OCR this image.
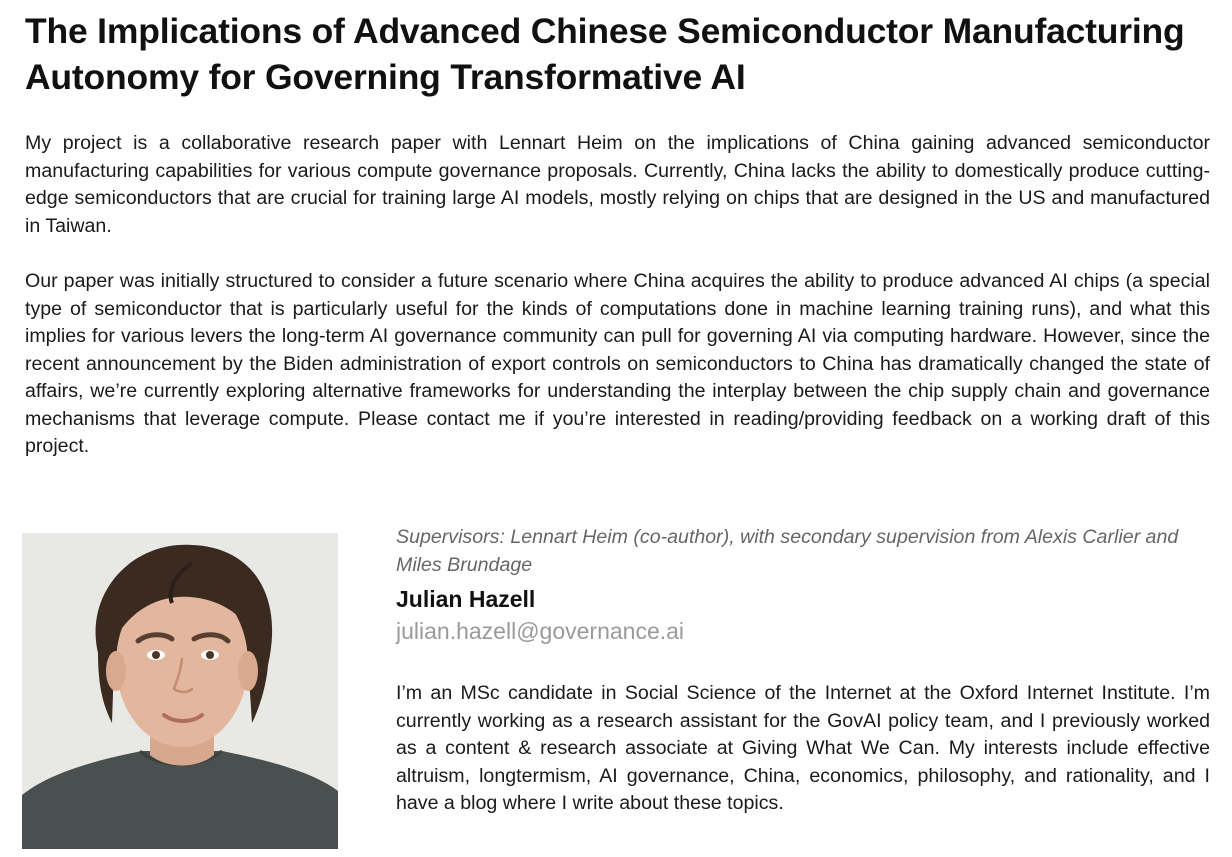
The Implications of Advanced Chinese Semiconductor Manufacturing Autonomy for Governing Transformative AI

My project is a collaborative research paper with Lennart Heim on the implications of China gaining advanced semiconductor manufacturing capabilities for various compute governance proposals. Currently, China lacks the ability to domestically produce cutting-edge semiconductors that are crucial for training large AI models, mostly relying on chips that are designed in the US and manufactured in Taiwan.

Our paper was initially structured to consider a future scenario where China acquires the ability to produce advanced AI chips (a special type of semiconductor that is particularly useful for the kinds of computations done in machine learning training runs), and what this implies for various levers the long-term AI governance community can pull for governing AI via computing hardware. However, since the recent announcement by the Biden administration of export controls on semiconductors to China has dramatically changed the state of affairs, we’re currently exploring alternative frameworks for understanding the interplay between the chip supply chain and governance mechanisms that leverage compute. Please contact me if you’re interested in reading/providing feedback on a working draft of this project.

Supervisors: Lennart Heim (co-author), with secondary supervision from Alexis Carlier and Miles Brundage

Julian Hazell

julian.hazell@governance.ai

I’m an MSc candidate in Social Science of the Internet at the Oxford Internet Institute. I’m currently working as a research assistant for the GovAI policy team, and I previously worked as a content & research associate at Giving What We Can. My interests include effective altruism, longtermism, AI governance, China, economics, philosophy, and rationality, and I have a blog where I write about these topics.
